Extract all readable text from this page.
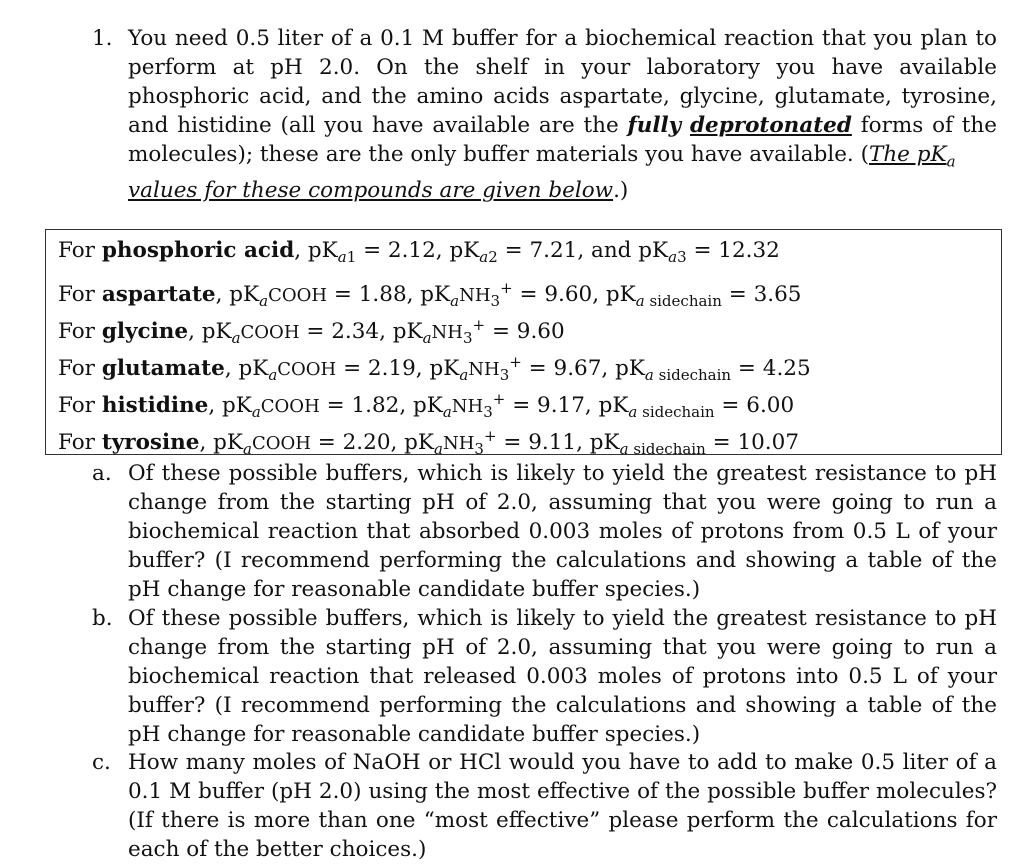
1. You need 0.5 liter of a 0.1 M buffer for a biochemical reaction that you plan to perform at pH 2.0. On the shelf in your laboratory you have available phosphoric acid, and the amino acids aspartate, glycine, glutamate, tyrosine, and histidine (all you have available are the fully deprotonated forms of the molecules); these are the only buffer materials you have available. (The $pK_a$
values for these compounds are given below.)
For phosphoric acid, $pK_{a1} = 2.12$, $pK_{a2} = 7.21$, and $pK_{a3} = 12.32$
For aspartate, $pK_aCOOH = 1.88$, $pK_aNH_3^+ = 9.60$, $pK_a$ $_{sidechain}$ = 3.65
For glycine, $pK_aCOOH = 2.34$, $pK_aNH_3^+ = 9.60$
For glutamate, $pK_aCOOH = 2.19$, $pK_aNH_3^+ = 9.67$, $pK_a$ $_{sidechain}$ = 4.25
For histidine, $pK_aCOOH = 1.82$, $pK_aNH_3^+ = 9.17$, $pK_a$ $_{sidechain}$ = 6.00
For tyrosine, $pK_aCOOH = 2.20$, $pK_aNH_3^+ = 9.11$, $pK_a$ $_{sidechain}$ = 10.07
a. Of these possible buffers, which is likely to yield the greatest resistance to pH change from the starting pH of 2.0, assuming that you were going to run a biochemical reaction that absorbed 0.003 moles of protons from 0.5 L of your buffer? (I recommend performing the calculations and showing a table of the pH change for reasonable candidate buffer species.)
b. Of these possible buffers, which is likely to yield the greatest resistance to pH change from the starting pH of 2.0, assuming that you were going to run a biochemical reaction that released 0.003 moles of protons into 0.5 L of your buffer? (I recommend performing the calculations and showing a table of the pH change for reasonable candidate buffer species.)
c. How many moles of NaOH or HCl would you have to add to make 0.5 liter of a 0.1 M buffer (pH 2.0) using the most effective of the possible buffer molecules? (If there is more than one “most effective” please perform the calculations for each of the better choices.)
